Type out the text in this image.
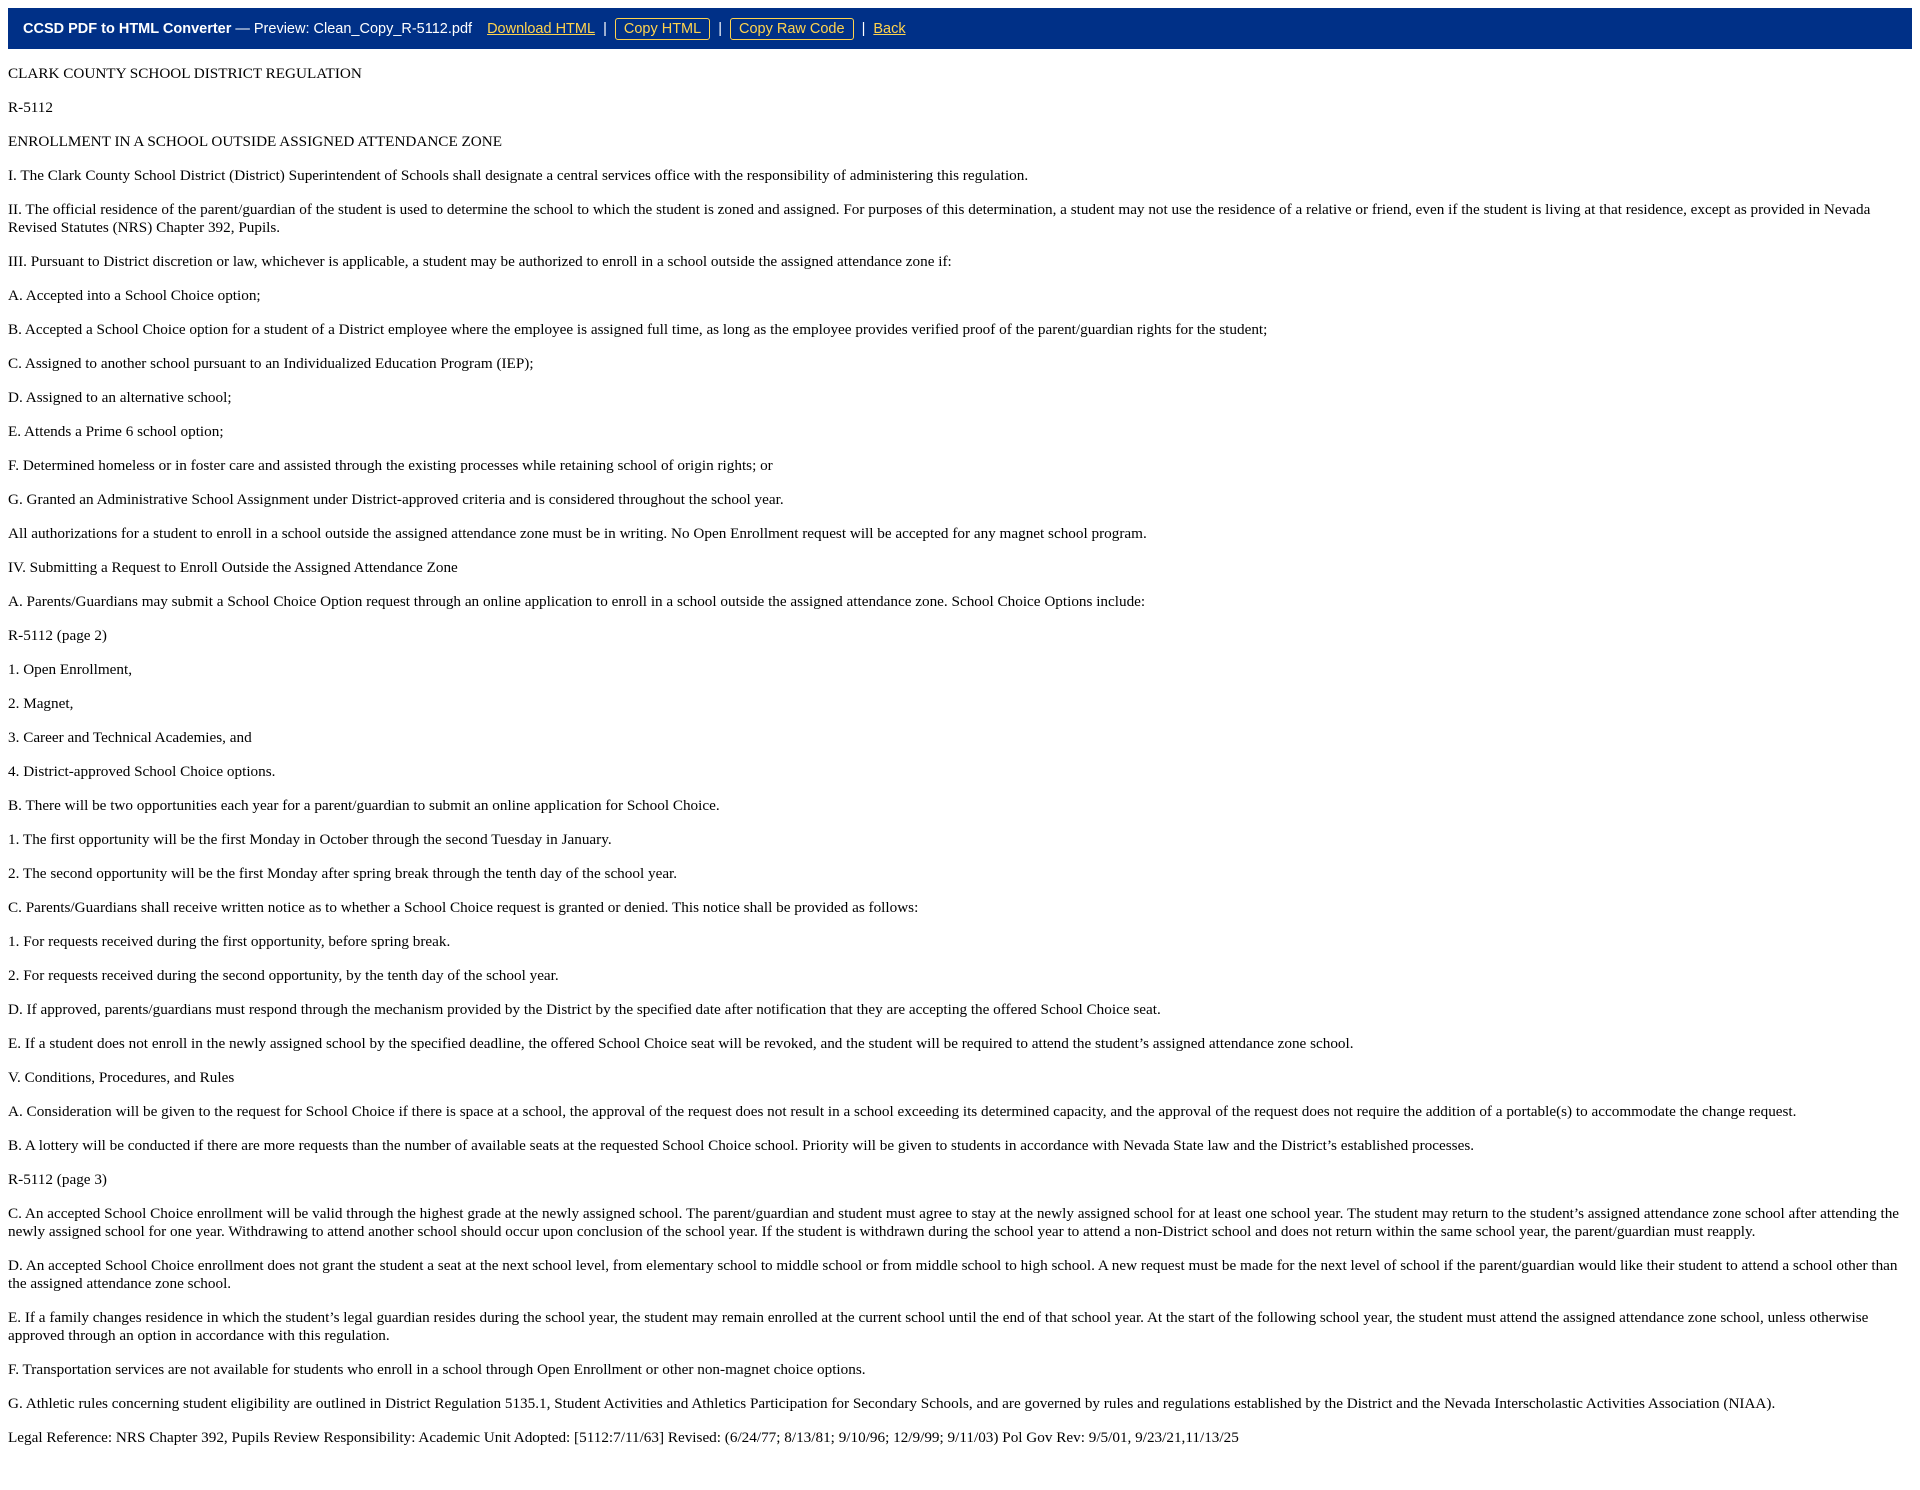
CCSD PDF to HTML Converter — Preview: Clean_Copy_R-5112.pdf Download HTML |	Copy HTML	|	Copy Raw Code	| Back

CLARK COUNTY SCHOOL DISTRICT REGULATION

R-5112

ENROLLMENT IN A SCHOOL OUTSIDE ASSIGNED ATTENDANCE ZONE

I. The Clark County School District (District) Superintendent of Schools shall designate a central services office with the responsibility of administering this regulation.

II. The official residence of the parent/guardian of the student is used to determine the school to which the student is zoned and assigned. For purposes of this determination, a student may not use the residence of a relative or friend, even if the student is living at that residence, except as provided in Nevada Revised Statutes (NRS) Chapter 392, Pupils.

III. Pursuant to District discretion or law, whichever is applicable, a student may be authorized to enroll in a school outside the assigned attendance zone if:

A. Accepted into a School Choice option;

B. Accepted a School Choice option for a student of a District employee where the employee is assigned full time, as long as the employee provides verified proof of the parent/guardian rights for the student;

C. Assigned to another school pursuant to an Individualized Education Program (IEP);

D. Assigned to an alternative school;

E. Attends a Prime 6 school option;

F. Determined homeless or in foster care and assisted through the existing processes while retaining school of origin rights; or

G. Granted an Administrative School Assignment under District-approved criteria and is considered throughout the school year.

All authorizations for a student to enroll in a school outside the assigned attendance zone must be in writing. No Open Enrollment request will be accepted for any magnet school program.

IV. Submitting a Request to Enroll Outside the Assigned Attendance Zone

A. Parents/Guardians may submit a School Choice Option request through an online application to enroll in a school outside the assigned attendance zone. School Choice Options include:

R-5112 (page 2)

1. Open Enrollment,

2. Magnet,

3. Career and Technical Academies, and

4. District-approved School Choice options.

B. There will be two opportunities each year for a parent/guardian to submit an online application for School Choice.

1. The first opportunity will be the first Monday in October through the second Tuesday in January.

2. The second opportunity will be the first Monday after spring break through the tenth day of the school year.

C. Parents/Guardians shall receive written notice as to whether a School Choice request is granted or denied. This notice shall be provided as follows:

1. For requests received during the first opportunity, before spring break.

2. For requests received during the second opportunity, by the tenth day of the school year.

D. If approved, parents/guardians must respond through the mechanism provided by the District by the specified date after notification that they are accepting the offered School Choice seat.

E. If a student does not enroll in the newly assigned school by the specified deadline, the offered School Choice seat will be revoked, and the student will be required to attend the student’s assigned attendance zone school.

V. Conditions, Procedures, and Rules

A. Consideration will be given to the request for School Choice if there is space at a school, the approval of the request does not result in a school exceeding its determined capacity, and the approval of the request does not require the addition of a portable(s) to accommodate the change request.

B. A lottery will be conducted if there are more requests than the number of available seats at the requested School Choice school. Priority will be given to students in accordance with Nevada State law and the District’s established processes.

R-5112 (page 3)

C. An accepted School Choice enrollment will be valid through the highest grade at the newly assigned school. The parent/guardian and student must agree to stay at the newly assigned school for at least one school year. The student may return to the student’s assigned attendance zone school after attending the newly assigned school for one year. Withdrawing to attend another school should occur upon conclusion of the school year. If the student is withdrawn during the school year to attend a non-District school and does not return within the same school year, the parent/guardian must reapply.

D. An accepted School Choice enrollment does not grant the student a seat at the next school level, from elementary school to middle school or from middle school to high school. A new request must be made for the next level of school if the parent/guardian would like their student to attend a school other than the assigned attendance zone school.

E. If a family changes residence in which the student’s legal guardian resides during the school year, the student may remain enrolled at the current school until the end of that school year. At the start of the following school year, the student must attend the assigned attendance zone school, unless otherwise approved through an option in accordance with this regulation.

F. Transportation services are not available for students who enroll in a school through Open Enrollment or other non-magnet choice options.

G. Athletic rules concerning student eligibility are outlined in District Regulation 5135.1, Student Activities and Athletics Participation for Secondary Schools, and are governed by rules and regulations established by the District and the Nevada Interscholastic Activities Association (NIAA).

Legal Reference: NRS Chapter 392, Pupils Review Responsibility: Academic Unit Adopted: [5112:7/11/63] Revised: (6/24/77; 8/13/81; 9/10/96; 12/9/99; 9/11/03) Pol Gov Rev: 9/5/01, 9/23/21,11/13/25
